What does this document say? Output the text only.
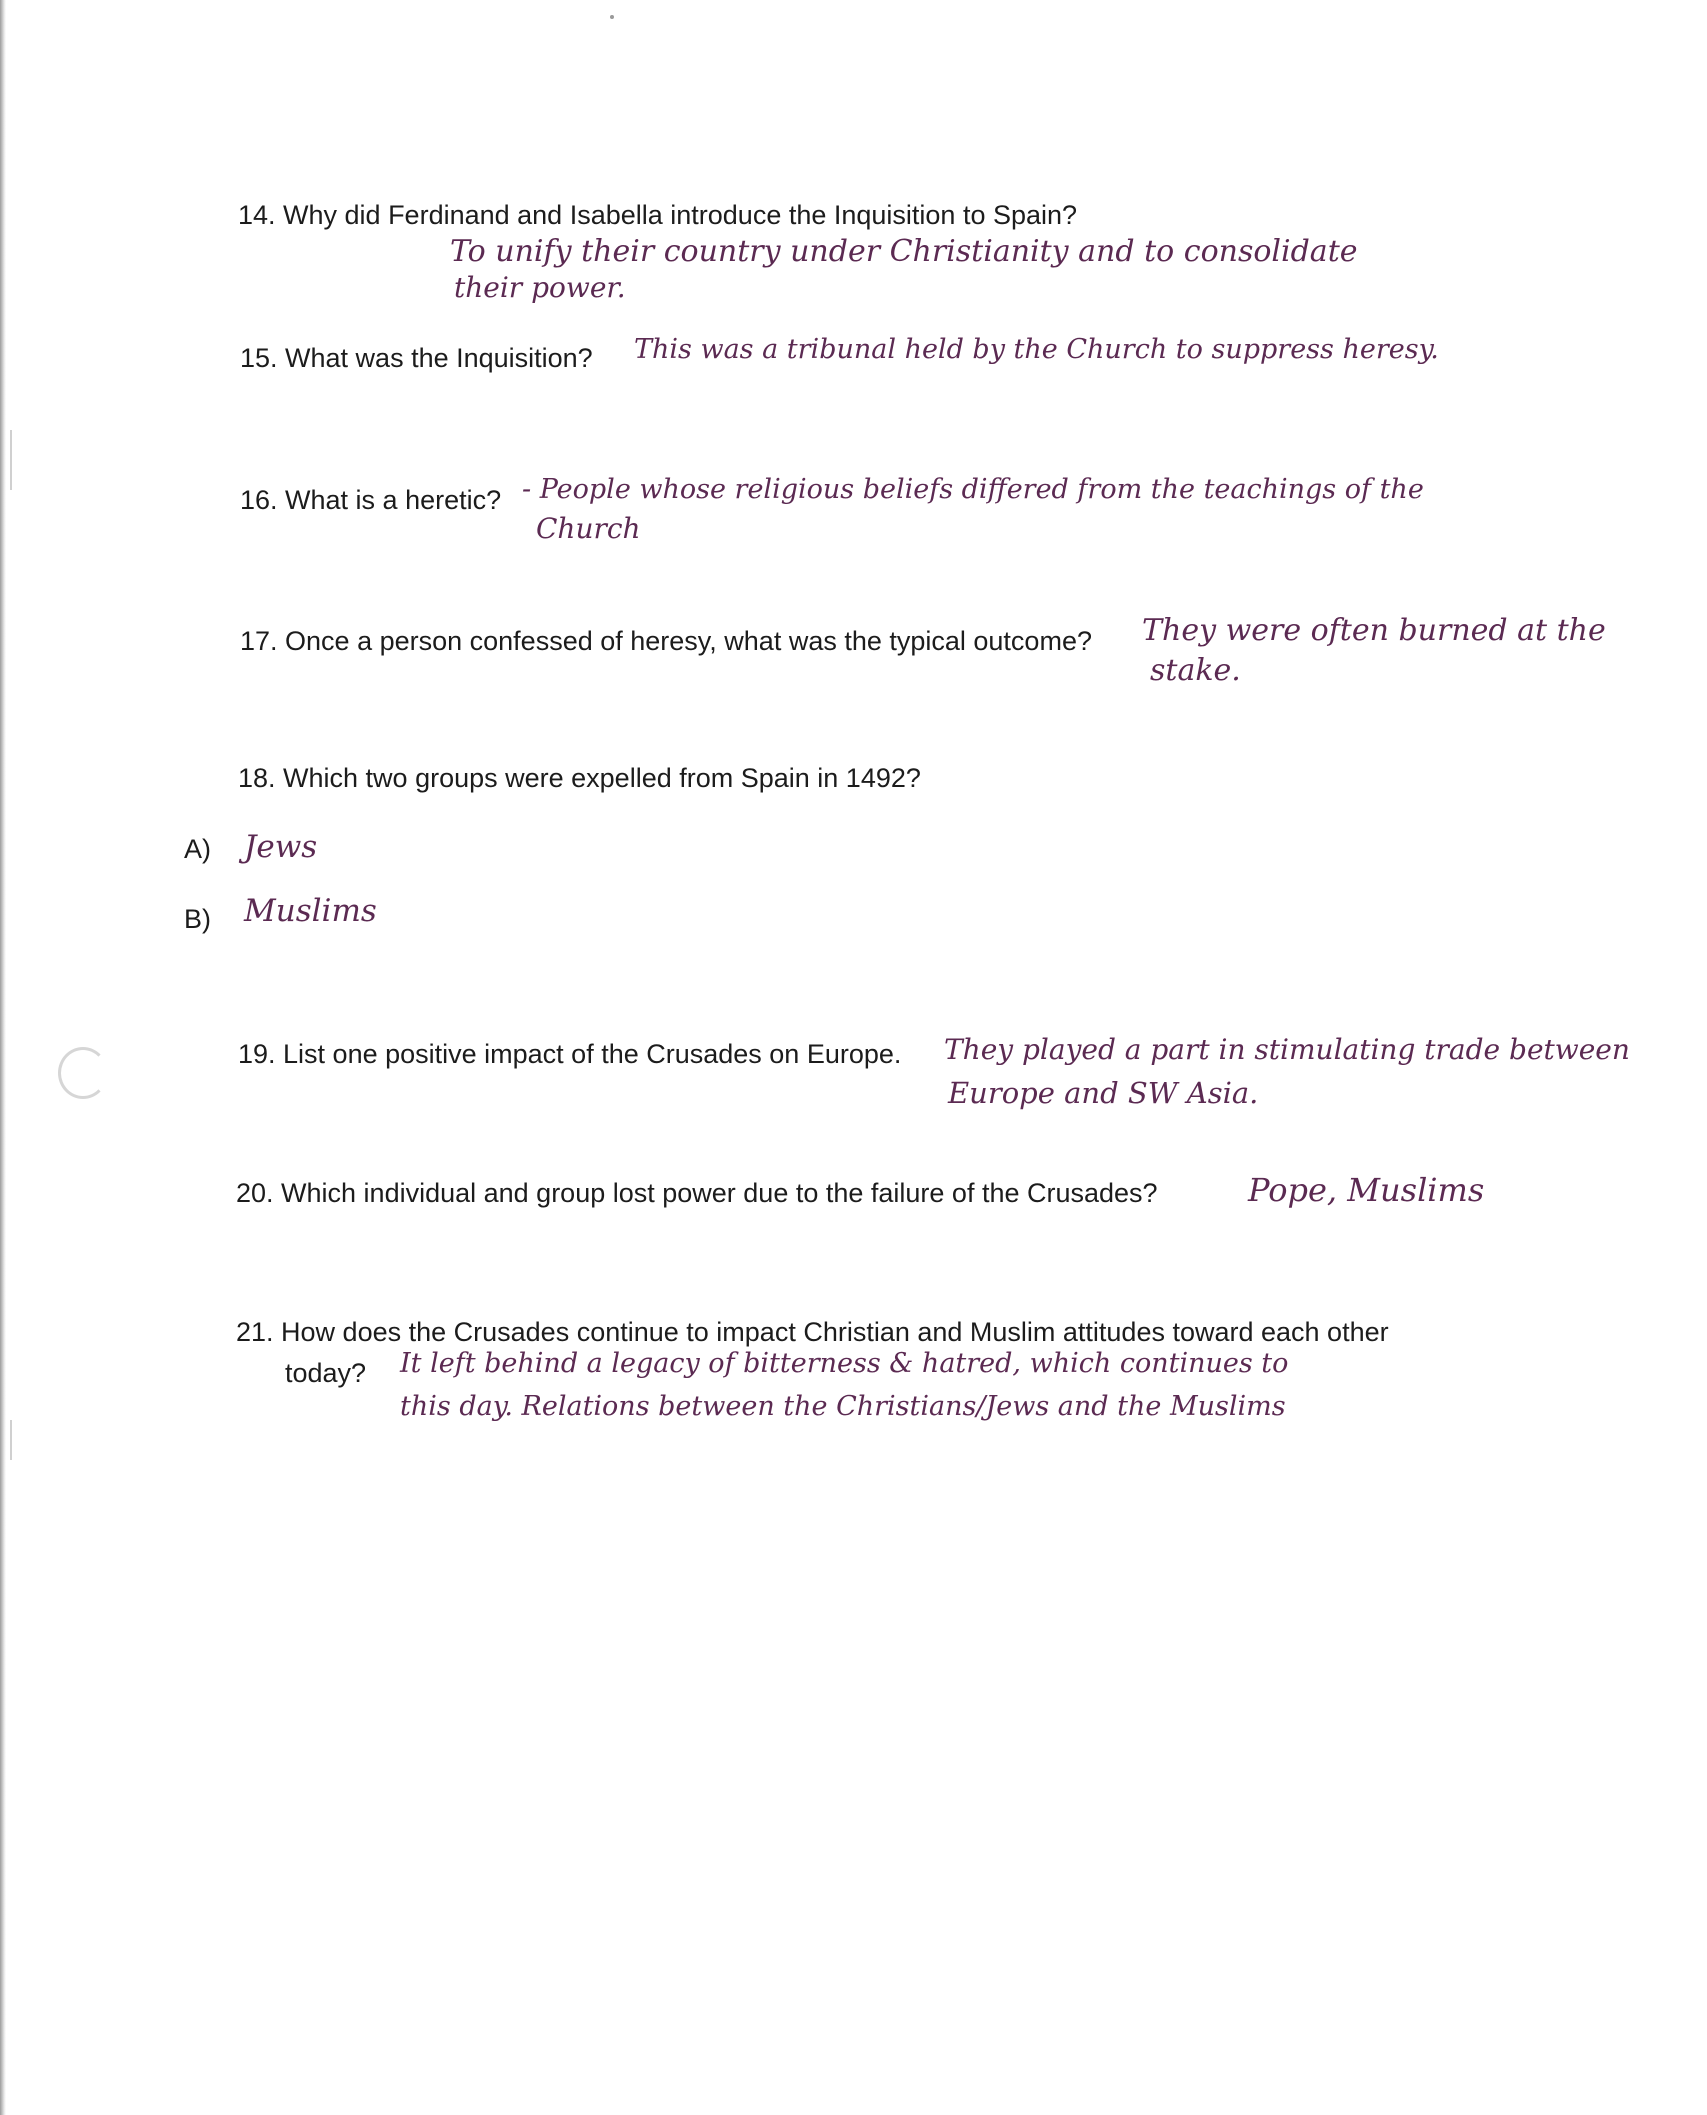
14. Why did Ferdinand and Isabella introduce the Inquisition to Spain?
To unify their country under Christianity and to consolidate
their power.
15. What was the Inquisition? This was a tribunal held by the Church to suppress heresy.
16. What is a heretic? - People whose religious beliefs differed from the teachings of the
Church
17. Once a person confessed of heresy, what was the typical outcome? They were often burned at the
stake.
18. Which two groups were expelled from Spain in 1492?
A) Jews
B) Muslims
19. List one positive impact of the Crusades on Europe. They played a part in stimulating trade between
Europe and SW Asia.
20. Which individual and group lost power due to the failure of the Crusades?	Pope, Muslims
21. How does the Crusades continue to impact Christian and Muslim attitudes toward each other
today? It left behind a legacy of bitterness & hatred, which continues to
this day. Relations between the Christians/Jews and the Muslims
